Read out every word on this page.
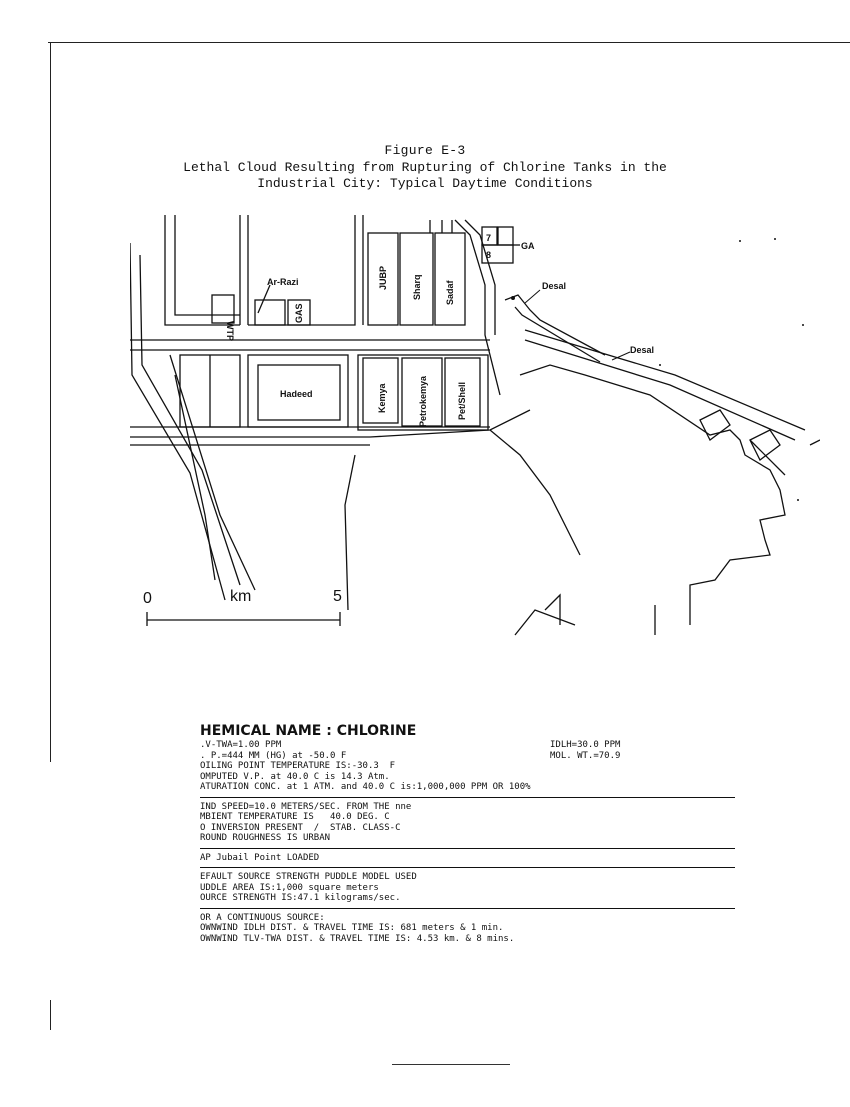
Figure E-3
Lethal Cloud Resulting from Rupturing of Chlorine Tanks in the
Industrial City: Typical Daytime Conditions
Ar-Razi
WTP
GAS
JUBP	Sharq	Sadaf
7
8
GA
Desal
Desal
Hadeed	Kemya	Petrokemya	Pet/Shell
0	km	5
HEMICAL NAME : CHLORINE
.V-TWA=1.00 PPM	IDLH=30.0 PPM
. P.=444 MM (HG) at -50.0 F	MOL. WT.=70.9
OILING POINT TEMPERATURE IS:-30.3  F
OMPUTED V.P. at 40.0 C is 14.3 Atm.
ATURATION CONC. at 1 ATM. and 40.0 C is:1,000,000 PPM OR 100%
IND SPEED=10.0 METERS/SEC. FROM THE nne
MBIENT TEMPERATURE IS   40.0 DEG. C
O INVERSION PRESENT  /  STAB. CLASS-C
ROUND ROUGHNESS IS URBAN
AP Jubail Point LOADED
EFAULT SOURCE STRENGTH PUDDLE MODEL USED
UDDLE AREA IS:1,000 square meters
OURCE STRENGTH IS:47.1 kilograms/sec.
OR A CONTINUOUS SOURCE:
OWNWIND IDLH DIST. & TRAVEL TIME IS: 681 meters & 1 min.
OWNWIND TLV-TWA DIST. & TRAVEL TIME IS: 4.53 km. & 8 mins.
